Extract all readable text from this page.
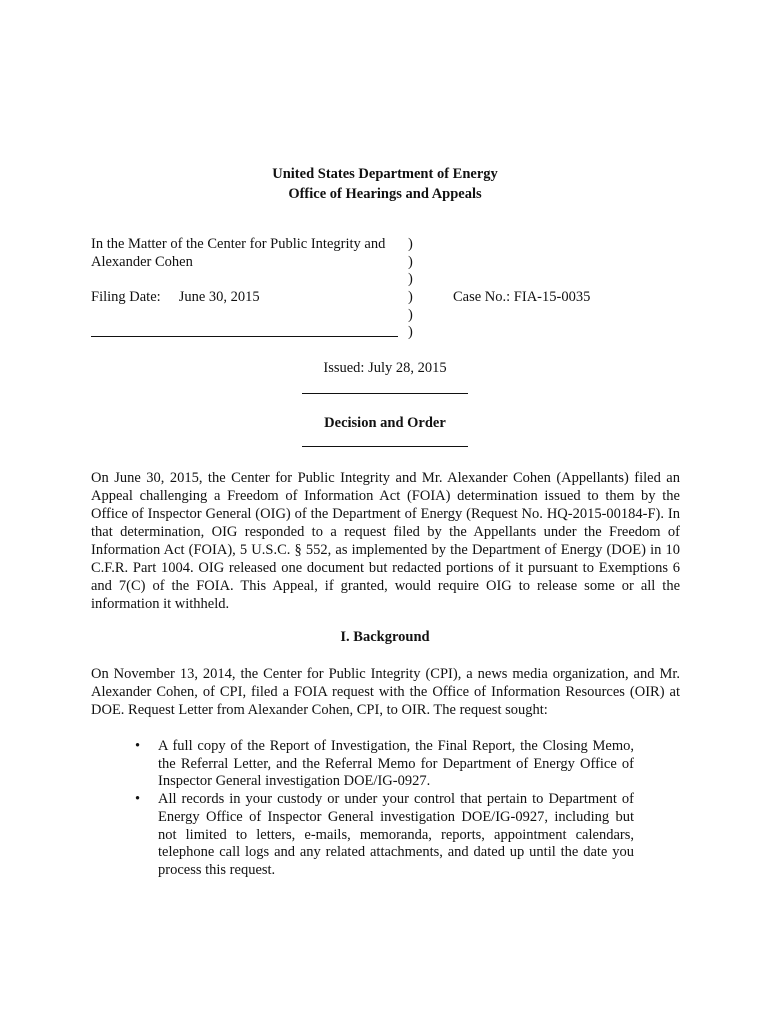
United States Department of Energy
Office of Hearings and Appeals
In the Matter of the Center for Public Integrity and )
Alexander Cohen	)
)
Filing Date: June 30, 2015	)	Case No.: FIA-15-0035
)
)
Issued: July 28, 2015
Decision and Order

On June 30, 2015, the Center for Public Integrity and Mr. Alexander Cohen (Appellants) filed an Appeal challenging a Freedom of Information Act (FOIA) determination issued to them by the Office of Inspector General (OIG) of the Department of Energy (Request No. HQ-2015-00184-F). In that determination, OIG responded to a request filed by the Appellants under the Freedom of Information Act (FOIA), 5 U.S.C. § 552, as implemented by the Department of Energy (DOE) in 10 C.F.R. Part 1004. OIG released one document but redacted portions of it pursuant to Exemptions 6 and 7(C) of the FOIA. This Appeal, if granted, would require OIG to release some or all the information it withheld.

I. Background

On November 13, 2014, the Center for Public Integrity (CPI), a news media organization, and Mr. Alexander Cohen, of CPI, filed a FOIA request with the Office of Information Resources (OIR) at DOE. Request Letter from Alexander Cohen, CPI, to OIR. The request sought:

• A full copy of the Report of Investigation, the Final Report, the Closing Memo, the Referral Letter, and the Referral Memo for Department of Energy Office of Inspector General investigation DOE/IG-0927.
• All records in your custody or under your control that pertain to Department of Energy Office of Inspector General investigation DOE/IG-0927, including but not limited to letters, e-mails, memoranda, reports, appointment calendars, telephone call logs and any related attachments, and dated up until the date you process this request.
